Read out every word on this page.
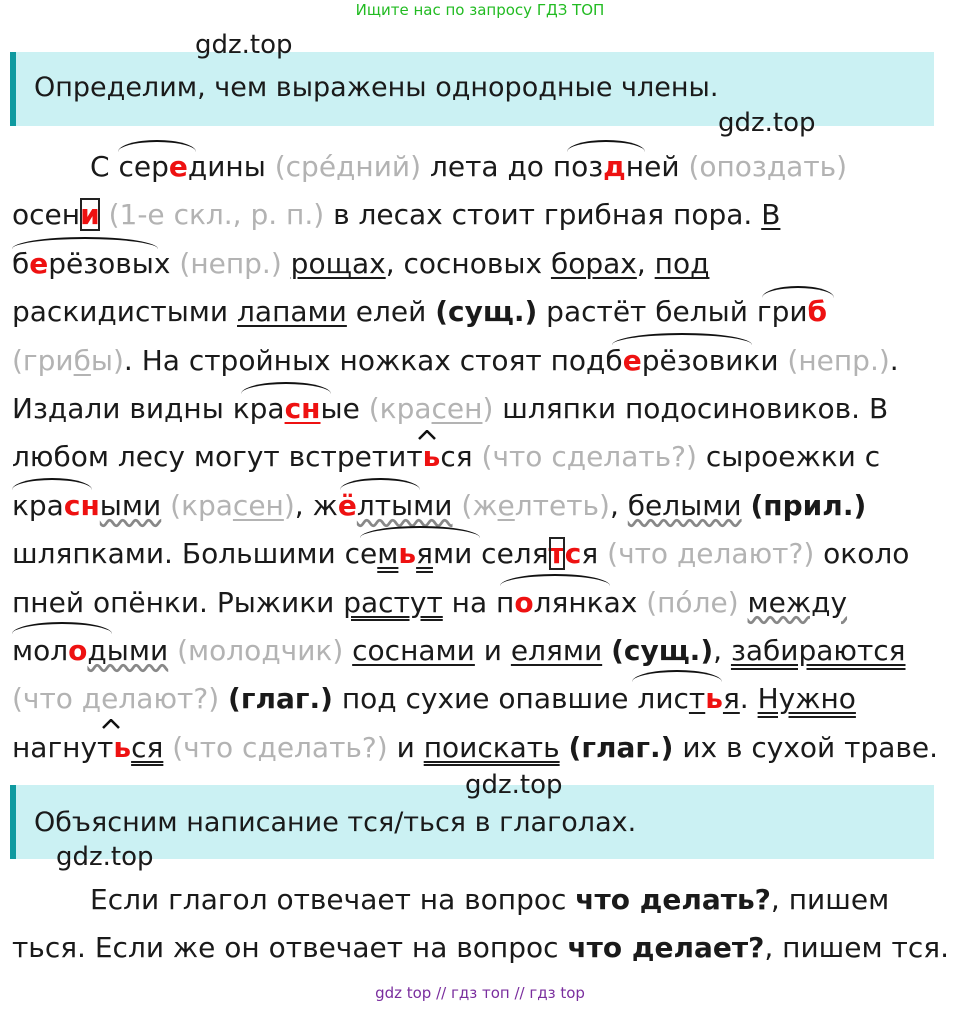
Ищите нас по запросу ГДЗ ТОП
Определим, чем выражены однородные члены.
gdz.top
gdz.top
С середины (сре́дний) лета до поздней (опоздать)
осени (1-е скл., р. п.) в лесах стоит грибная пора. В
берёзовых (непр.) рощах, сосновых борах, под
раскидистыми лапами елей (сущ.) растёт белый гриб
(грибы). На стройных ножках стоят подберёзовики (непр.).
Издали видны красные (красен) шляпки подосиновиков. В
любом лесу могут встретиться (что сделать?) сыроежки с
красными (красен), жёлтыми (желтеть), белыми (прил.)
шляпками. Большими семьями селятся (что делают?) около
пней опёнки. Рыжики растут на полянках (по́ле) между
молодыми (молодчик) соснами и елями (сущ.), забираются
(что делают?) (глаг.) под сухие опавшие листья. Нужно
нагнуться (что сделать?) и поискать (глаг.) их в сухой траве.
Объясним написание тся/ться в глаголах.
gdz.top
gdz.top
Если глагол отвечает на вопрос что делать?, пишем
ться. Если же он отвечает на вопрос что делает?, пишем тся.
gdz top // гдз топ // гдз top
